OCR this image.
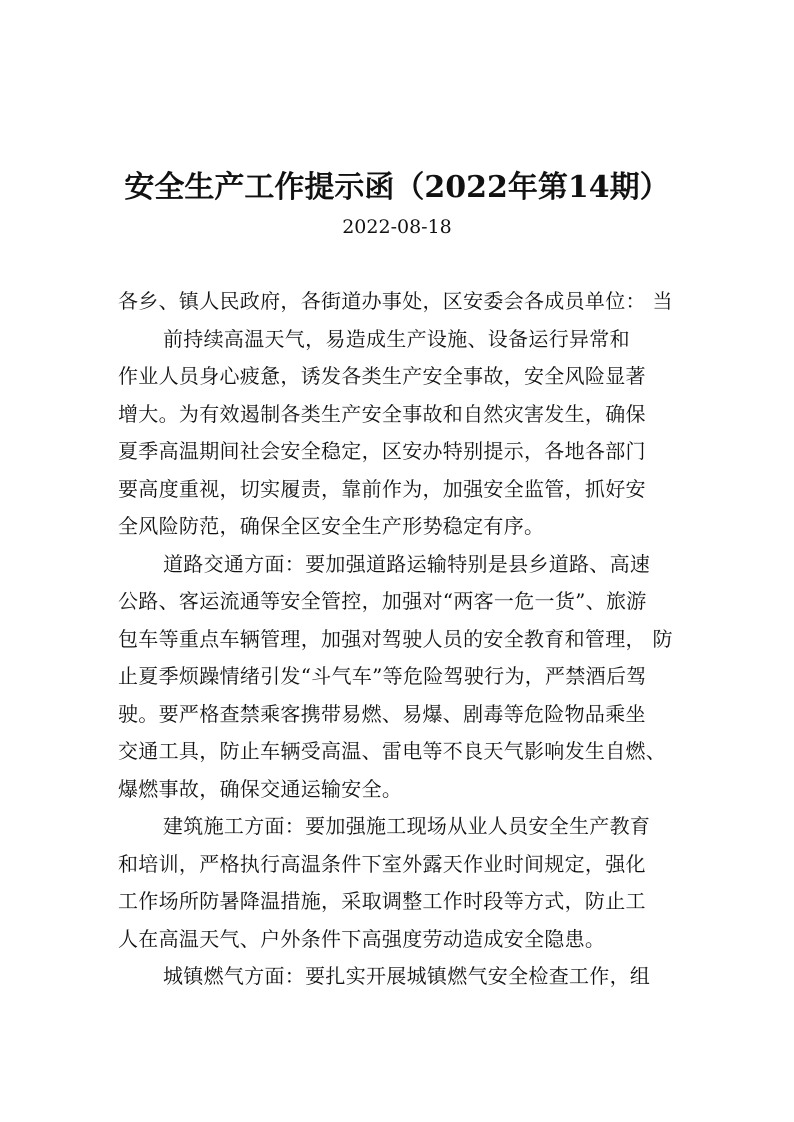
安全生产工作提示函（2022年第14期）
2022-08-18
各乡、镇人民政府，各街道办事处，区安委会各成员单位： 当
前持续高温天气，易造成生产设施、设备运行异常和
作业人员身心疲惫，诱发各类生产安全事故，安全风险显著
增大。为有效遏制各类生产安全事故和自然灾害发生，确保
夏季高温期间社会安全稳定，区安办特别提示，各地各部门
要高度重视，切实履责，靠前作为，加强安全监管，抓好安
全风险防范，确保全区安全生产形势稳定有序。
道路交通方面：要加强道路运输特别是县乡道路、高速
公路、客运流通等安全管控，加强对“两客一危一货”、旅游
包车等重点车辆管理，加强对驾驶人员的安全教育和管理， 防
止夏季烦躁情绪引发“斗气车”等危险驾驶行为，严禁酒后驾
驶。要严格查禁乘客携带易燃、易爆、剧毒等危险物品乘坐
交通工具，防止车辆受高温、雷电等不良天气影响发生自燃、
爆燃事故，确保交通运输安全。
建筑施工方面：要加强施工现场从业人员安全生产教育
和培训，严格执行高温条件下室外露天作业时间规定，强化
工作场所防暑降温措施，采取调整工作时段等方式，防止工
人在高温天气、户外条件下高强度劳动造成安全隐患。
城镇燃气方面：要扎实开展城镇燃气安全检查工作，组
